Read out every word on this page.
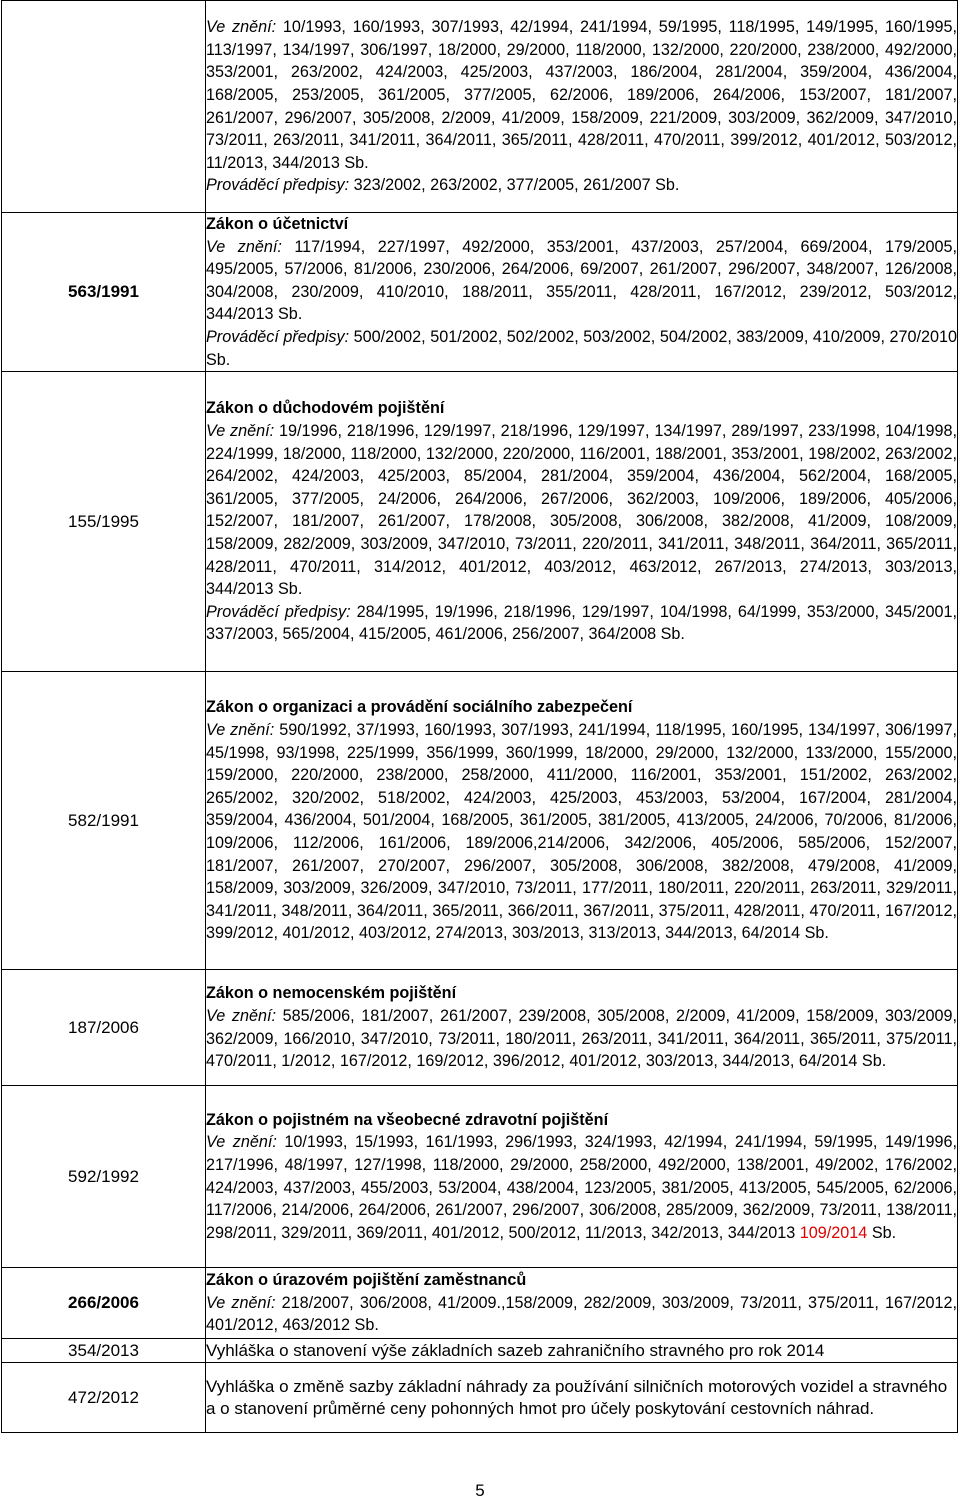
	Ve znění: 10/1993, 160/1993, 307/1993, 42/1994, 241/1994, 59/1995, 118/1995, 149/1995, 160/1995, 113/1997, 134/1997, 306/1997, 18/2000, 29/2000, 118/2000, 132/2000, 220/2000, 238/2000, 492/2000, 353/2001, 263/2002, 424/2003, 425/2003, 437/2003, 186/2004, 281/2004, 359/2004, 436/2004, 168/2005, 253/2005, 361/2005, 377/2005, 62/2006, 189/2006, 264/2006, 153/2007, 181/2007, 261/2007, 296/2007, 305/2008, 2/2009, 41/2009, 158/2009, 221/2009, 303/2009, 362/2009, 347/2010, 73/2011, 263/2011, 341/2011, 364/2011, 365/2011, 428/2011, 470/2011, 399/2012, 401/2012, 503/2012, 11/2013, 344/2013 Sb.
Prováděcí předpisy: 323/2002, 263/2002, 377/2005, 261/2007 Sb.

563/1991	Zákon o účetnictví
Ve znění: 117/1994, 227/1997, 492/2000, 353/2001, 437/2003, 257/2004, 669/2004, 179/2005, 495/2005, 57/2006, 81/2006, 230/2006, 264/2006, 69/2007, 261/2007, 296/2007, 348/2007, 126/2008, 304/2008, 230/2009, 410/2010, 188/2011, 355/2011, 428/2011, 167/2012, 239/2012, 503/2012, 344/2013 Sb.
Prováděcí předpisy: 500/2002, 501/2002, 502/2002, 503/2002, 504/2002, 383/2009, 410/2009, 270/2010 Sb.

155/1995	Zákon o důchodovém pojištění
Ve znění: 19/1996, 218/1996, 129/1997, 218/1996, 129/1997, 134/1997, 289/1997, 233/1998, 104/1998, 224/1999, 18/2000, 118/2000, 132/2000, 220/2000, 116/2001, 188/2001, 353/2001, 198/2002, 263/2002, 264/2002, 424/2003, 425/2003, 85/2004, 281/2004, 359/2004, 436/2004, 562/2004, 168/2005, 361/2005, 377/2005, 24/2006, 264/2006, 267/2006, 362/2003, 109/2006, 189/2006, 405/2006, 152/2007, 181/2007, 261/2007, 178/2008, 305/2008, 306/2008, 382/2008, 41/2009, 108/2009, 158/2009, 282/2009, 303/2009, 347/2010, 73/2011, 220/2011, 341/2011, 348/2011, 364/2011, 365/2011, 428/2011, 470/2011, 314/2012, 401/2012, 403/2012, 463/2012, 267/2013, 274/2013, 303/2013, 344/2013 Sb.
Prováděcí předpisy: 284/1995, 19/1996, 218/1996, 129/1997, 104/1998, 64/1999, 353/2000, 345/2001, 337/2003, 565/2004, 415/2005, 461/2006, 256/2007, 364/2008 Sb.

582/1991	Zákon o organizaci a provádění sociálního zabezpečení
Ve znění: 590/1992, 37/1993, 160/1993, 307/1993, 241/1994, 118/1995, 160/1995, 134/1997, 306/1997, 45/1998, 93/1998, 225/1999, 356/1999, 360/1999, 18/2000, 29/2000, 132/2000, 133/2000, 155/2000, 159/2000, 220/2000, 238/2000, 258/2000, 411/2000, 116/2001, 353/2001, 151/2002, 263/2002, 265/2002, 320/2002, 518/2002, 424/2003, 425/2003, 453/2003, 53/2004, 167/2004, 281/2004, 359/2004, 436/2004, 501/2004, 168/2005, 361/2005, 381/2005, 413/2005, 24/2006, 70/2006, 81/2006, 109/2006, 112/2006, 161/2006, 189/2006,214/2006, 342/2006, 405/2006, 585/2006, 152/2007, 181/2007, 261/2007, 270/2007, 296/2007, 305/2008, 306/2008, 382/2008, 479/2008, 41/2009, 158/2009, 303/2009, 326/2009, 347/2010, 73/2011, 177/2011, 180/2011, 220/2011, 263/2011, 329/2011, 341/2011, 348/2011, 364/2011, 365/2011, 366/2011, 367/2011, 375/2011, 428/2011, 470/2011, 167/2012, 399/2012, 401/2012, 403/2012, 274/2013, 303/2013, 313/2013, 344/2013, 64/2014 Sb.

187/2006	Zákon o nemocenském pojištění
Ve znění: 585/2006, 181/2007, 261/2007, 239/2008, 305/2008, 2/2009, 41/2009, 158/2009, 303/2009, 362/2009, 166/2010, 347/2010, 73/2011, 180/2011, 263/2011, 341/2011, 364/2011, 365/2011, 375/2011, 470/2011, 1/2012, 167/2012, 169/2012, 396/2012, 401/2012, 303/2013, 344/2013, 64/2014 Sb.

592/1992	Zákon o pojistném na všeobecné zdravotní pojištění
Ve znění: 10/1993, 15/1993, 161/1993, 296/1993, 324/1993, 42/1994, 241/1994, 59/1995, 149/1996, 217/1996, 48/1997, 127/1998, 118/2000, 29/2000, 258/2000, 492/2000, 138/2001, 49/2002, 176/2002, 424/2003, 437/2003, 455/2003, 53/2004, 438/2004, 123/2005, 381/2005, 413/2005, 545/2005, 62/2006, 117/2006, 214/2006, 264/2006, 261/2007, 296/2007, 306/2008, 285/2009, 362/2009, 73/2011, 138/2011, 298/2011, 329/2011, 369/2011, 401/2012, 500/2012, 11/2013, 342/2013, 344/2013 109/2014 Sb.

266/2006	Zákon o úrazovém pojištění zaměstnanců
Ve znění: 218/2007, 306/2008, 41/2009.,158/2009, 282/2009, 303/2009, 73/2011, 375/2011, 167/2012, 401/2012, 463/2012 Sb.

354/2013	Vyhláška o stanovení výše základních sazeb zahraničního stravného pro rok 2014
472/2012	Vyhláška o změně sazby základní náhrady za používání silničních motorových vozidel a stravného a o stanovení průměrné ceny pohonných hmot pro účely poskytování cestovních náhrad.
5
